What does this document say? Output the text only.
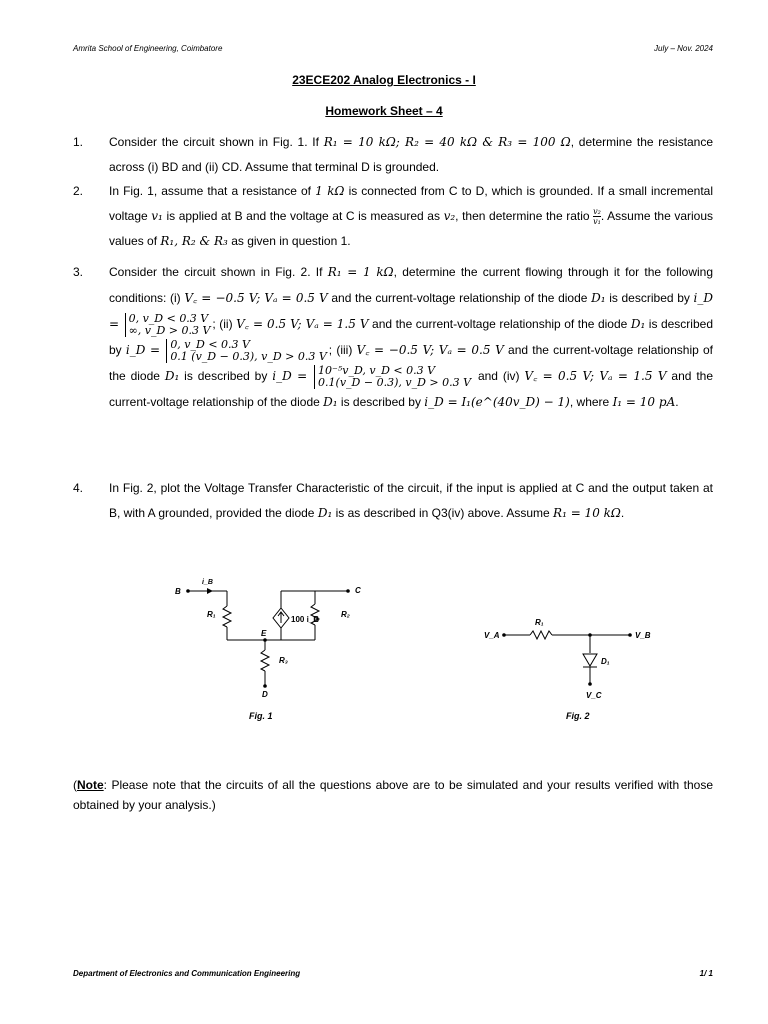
Amrita School of Engineering, Coimbatore	July – Nov. 2024
23ECE202 Analog Electronics - I
Homework Sheet – 4
1. Consider the circuit shown in Fig. 1. If R₁ = 10 kΩ; R₂ = 40 kΩ & R₃ = 100 Ω, determine the resistance across (i) BD and (ii) CD. Assume that terminal D is grounded.

2. In Fig. 1, assume that a resistance of 1 kΩ is connected from C to D, which is grounded. If a small incremental voltage v₁ is applied at B and the voltage at C is measured as v₂, then determine the ratio $\frac{\text{v₂}}{\text{v₁}}$ . Assume the various values of R₁, R₂ & R₃ as given in question 1.

3. Consider the circuit shown in Fig. 2. If R₁ = 1 kΩ, determine the current flowing through it for the following conditions: (i) V꜀ = −0.5 V; Vₐ = 0.5 V and the current-voltage relationship of the diode D₁ is described by i_D = 0, v_D < 0.3 V
∞, v_D > 0.3 V ; (ii) V꜀ = 0.5 V; Vₐ = 1.5 V and the current-voltage relationship of the diode D₁ is described by i_D = 0, v_D < 0.3 V
0.1 (v_D − 0.3), v_D > 0.3 V ; (iii) V꜀ = −0.5 V; Vₐ = 0.5 V and the current-voltage relationship of the diode D₁ is described by i_D = 10⁻⁵v_D, v_D < 0.3 V
0.1(v_D − 0.3), v_D > 0.3 V and (iv) V꜀ = 0.5 V; Vₐ = 1.5 V and the current-voltage relationship of the diode D₁ is described by i_D = I₁(e^(40v_D) − 1), where I₁ = 10 pA.

4. In Fig. 2, plot the Voltage Transfer Characteristic of the circuit, if the input is applied at C and the output taken at B, with A grounded, provided the diode D₁ is as described in Q3(iv) above. Assume R₁ = 10 kΩ.

B	C
D
E
i_B
R₁	R₂
R₃
100 i_B
Fig. 1
V_A	V_B
V_C
R₁
D₁
Fig. 2
(Note: Please note that the circuits of all the questions above are to be simulated and your results verified with those obtained by your analysis.)
Department of Electronics and Communication Engineering	1/ 1
